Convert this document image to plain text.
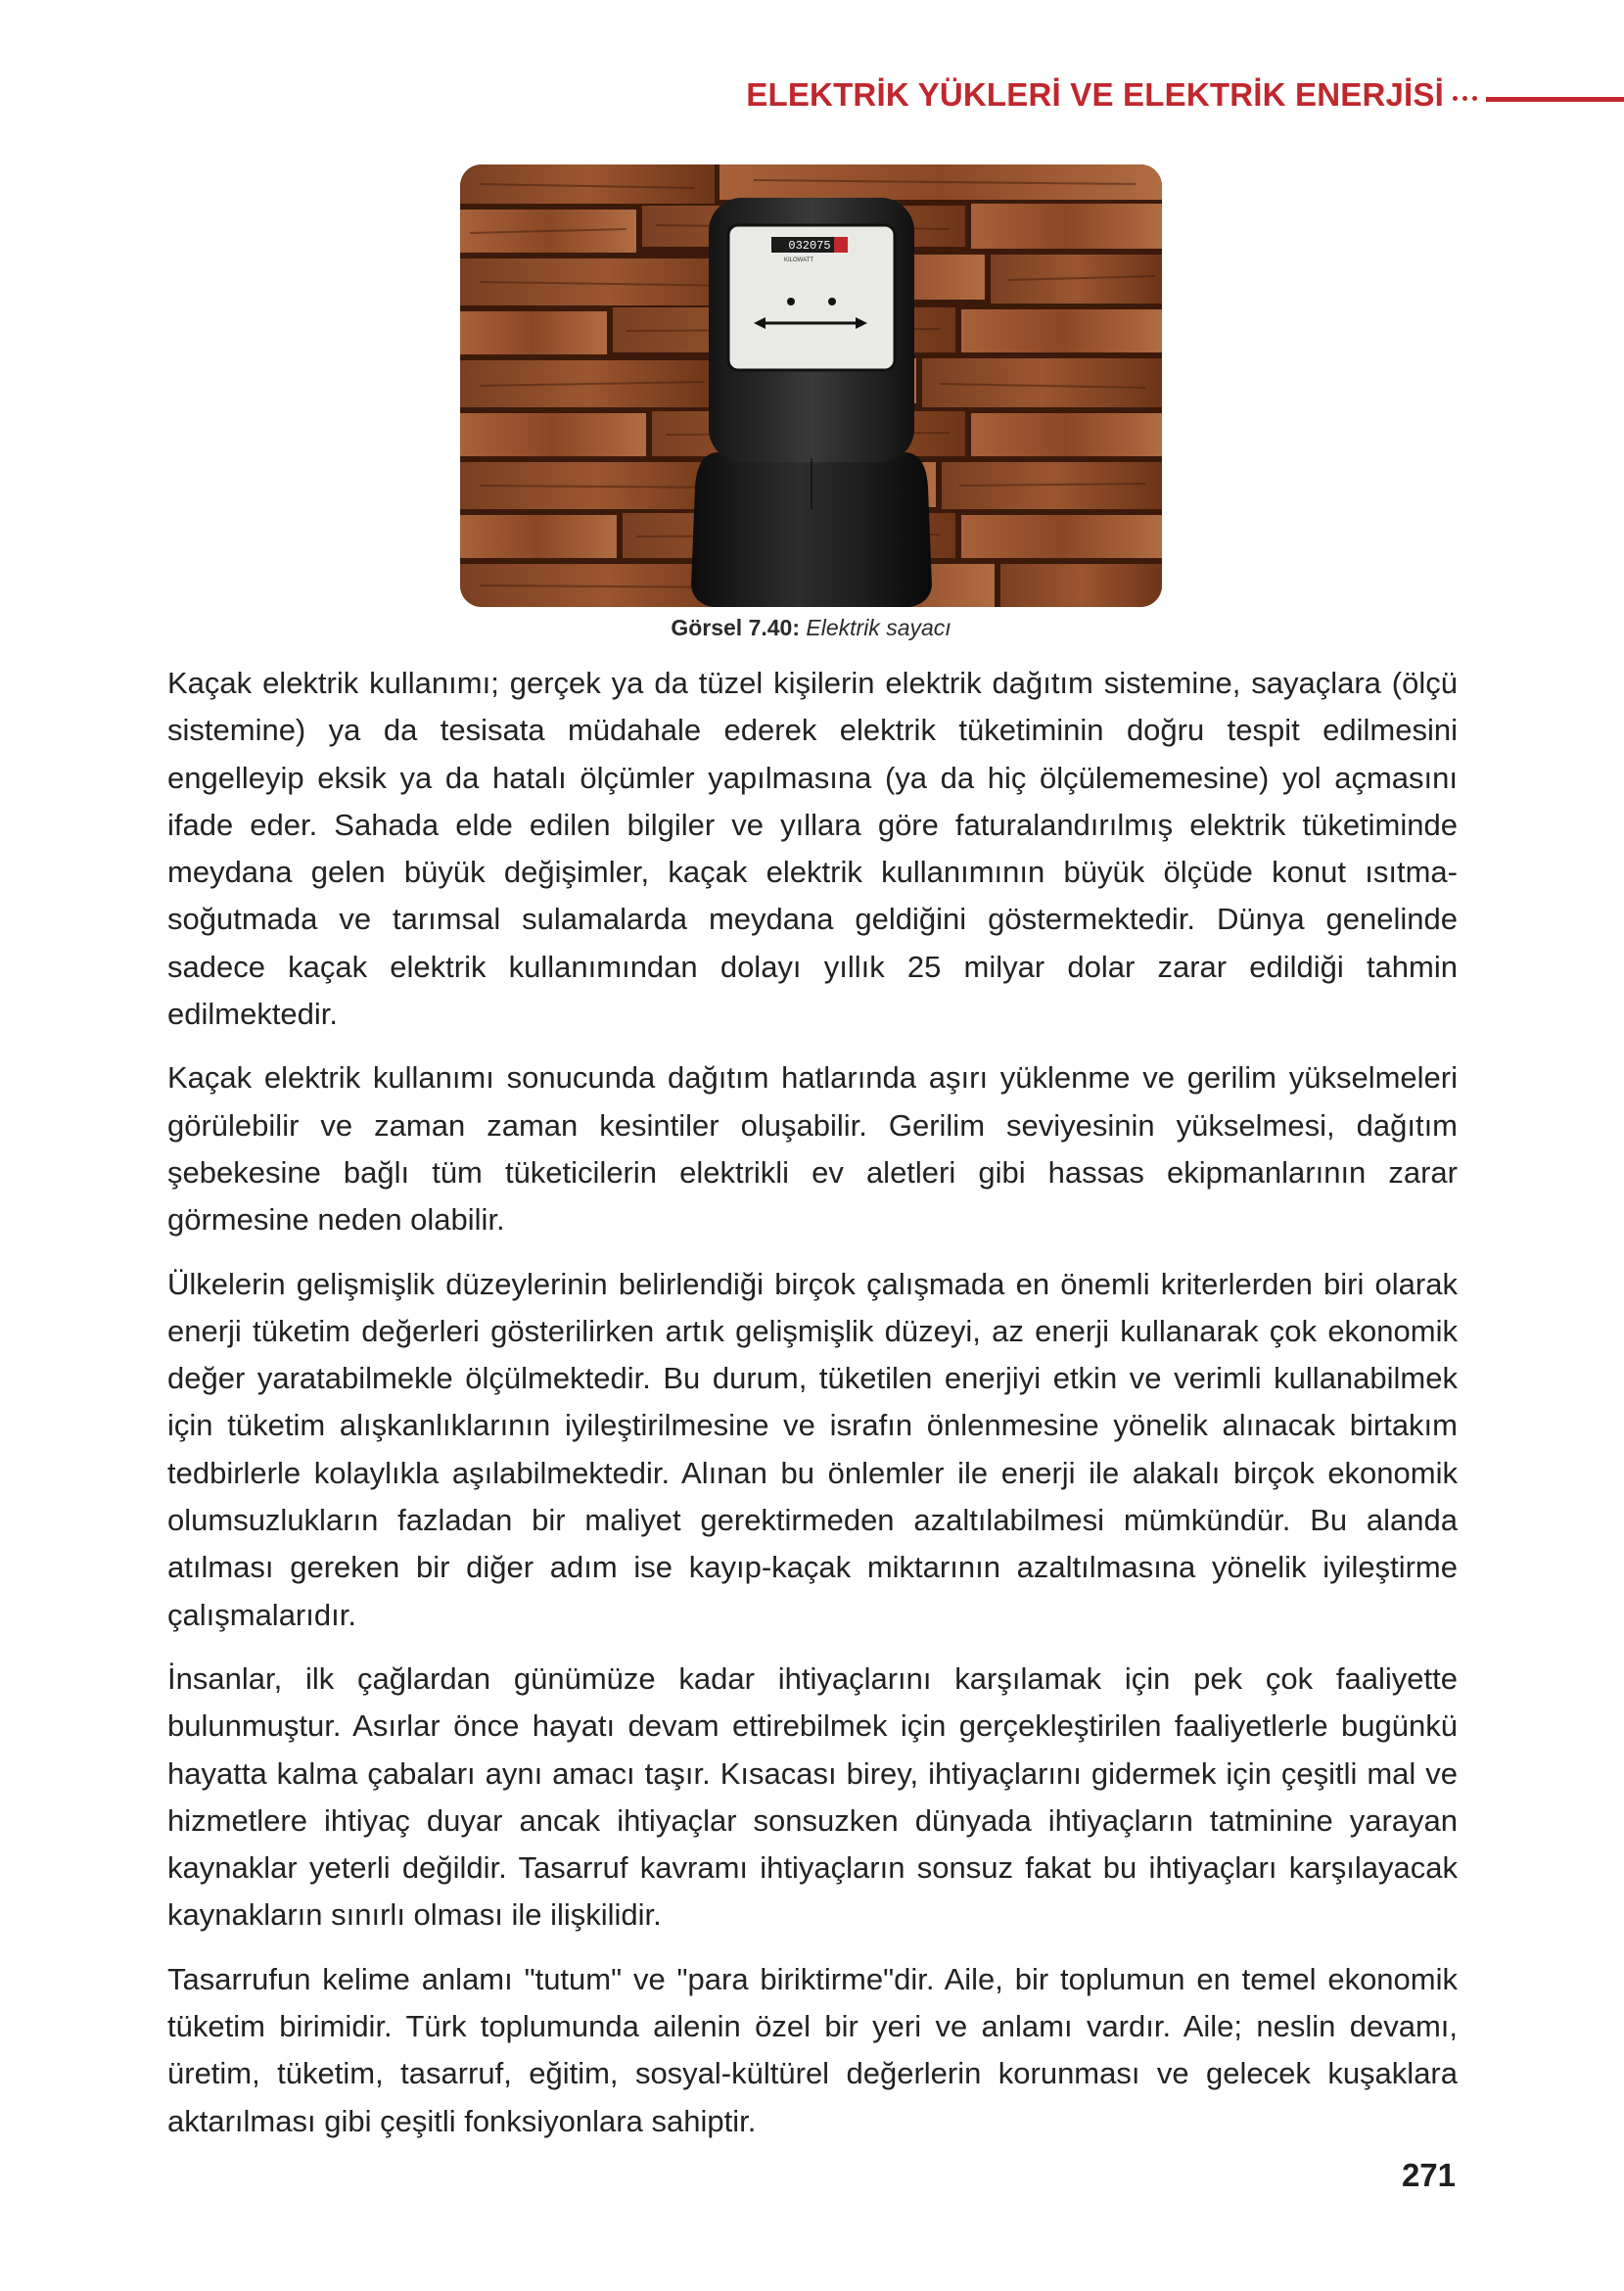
ELEKTRİK YÜKLERİ VE ELEKTRİK ENERJİSİ
032075
KILOWATT
Görsel 7.40: Elektrik sayacı

Kaçak elektrik kullanımı; gerçek ya da tüzel kişilerin elektrik dağıtım sistemine, sayaçlara (ölçü sistemine) ya da tesisata müdahale ederek elektrik tüketiminin doğru tespit edilmesini engelleyip eksik ya da hatalı ölçümler yapılmasına (ya da hiç ölçülememesine) yol açmasını ifade eder. Sahada elde edilen bilgiler ve yıllara göre faturalandırılmış elektrik tüketiminde meydana gelen büyük değişimler, kaçak elektrik kullanımının büyük ölçüde konut ısıtma-soğutmada ve tarımsal sulamalarda meydana geldiğini göstermektedir. Dünya genelinde sadece kaçak elektrik kullanımından dolayı yıllık 25 milyar dolar zarar edildiği tahmin edilmektedir.

Kaçak elektrik kullanımı sonucunda dağıtım hatlarında aşırı yüklenme ve gerilim yükselmeleri görülebilir ve zaman zaman kesintiler oluşabilir. Gerilim seviyesinin yükselmesi, dağıtım şebekesine bağlı tüm tüketicilerin elektrikli ev aletleri gibi hassas ekipmanlarının zarar görmesine neden olabilir.

Ülkelerin gelişmişlik düzeylerinin belirlendiği birçok çalışmada en önemli kriterlerden biri olarak enerji tüketim değerleri gösterilirken artık gelişmişlik düzeyi, az enerji kullanarak çok ekonomik değer yaratabilmekle ölçülmektedir. Bu durum, tüketilen enerjiyi etkin ve verimli kullanabilmek için tüketim alışkanlıklarının iyileştirilmesine ve israfın önlenmesine yönelik alınacak birtakım tedbirlerle kolaylıkla aşılabilmektedir. Alınan bu önlemler ile enerji ile alakalı birçok ekonomik olumsuzlukların fazladan bir maliyet gerektirmeden azaltılabilmesi mümkündür. Bu alanda atılması gereken bir diğer adım ise kayıp-kaçak miktarının azaltılmasına yönelik iyileştirme çalışmalarıdır.

İnsanlar, ilk çağlardan günümüze kadar ihtiyaçlarını karşılamak için pek çok faaliyette bulunmuştur. Asırlar önce hayatı devam ettirebilmek için gerçekleştirilen faaliyetlerle bugünkü hayatta kalma çabaları aynı amacı taşır. Kısacası birey, ihtiyaçlarını gidermek için çeşitli mal ve hizmetlere ihtiyaç duyar ancak ihtiyaçlar sonsuzken dünyada ihtiyaçların tatminine yarayan kaynaklar yeterli değildir. Tasarruf kavramı ihtiyaçların sonsuz fakat bu ihtiyaçları karşılayacak kaynakların sınırlı olması ile ilişkilidir.

Tasarrufun kelime anlamı "tutum" ve "para biriktirme"dir. Aile, bir toplumun en temel ekonomik tüketim birimidir. Türk toplumunda ailenin özel bir yeri ve anlamı vardır. Aile; neslin devamı, üretim, tüketim, tasarruf, eğitim, sosyal-kültürel değerlerin korunması ve gelecek kuşaklara aktarılması gibi çeşitli fonksiyonlara sahiptir.

271
